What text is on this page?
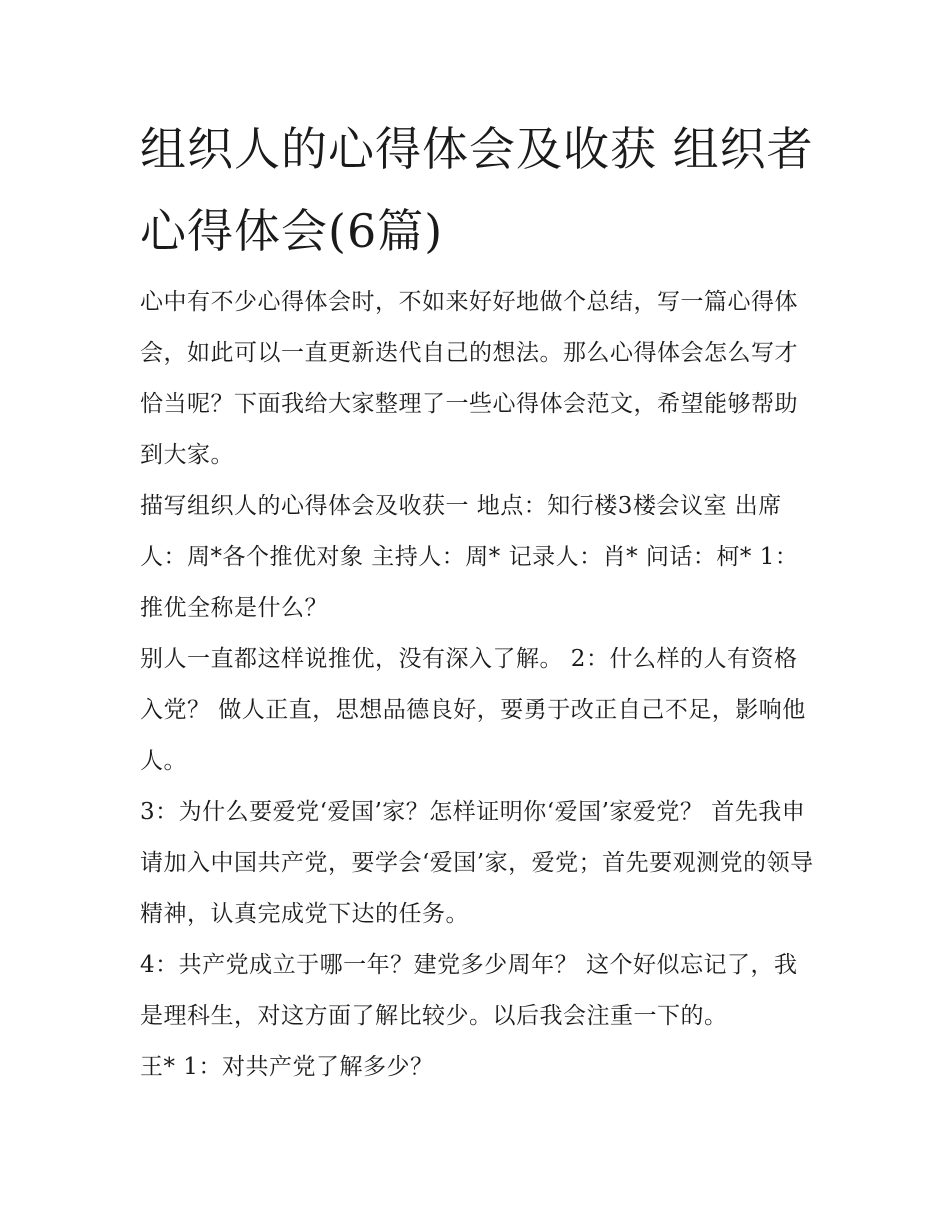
组织人的心得体会及收获 组织者心得体会(6篇)

心中有不少心得体会时，不如来好好地做个总结，写一篇心得体会，如此可以一直更新迭代自己的想法。那么心得体会怎么写才恰当呢？下面我给大家整理了一些心得体会范文，希望能够帮助到大家。

描写组织人的心得体会及收获一 地点：知行楼3楼会议室 出席人：周*各个推优对象 主持人：周* 记录人：肖* 问话：柯* 1：推优全称是什么？

别人一直都这样说推优，没有深入了解。 2：什么样的人有资格入党？ 做人正直，思想品德良好，要勇于改正自己不足，影响他人。

3：为什么要爱党‘爱国’家？怎样证明你‘爱国’家爱党？ 首先我申请加入中国共产党，要学会‘爱国’家，爱党；首先要观测党的领导精神，认真完成党下达的任务。

4：共产党成立于哪一年？建党多少周年？ 这个好似忘记了，我是理科生，对这方面了解比较少。以后我会注重一下的。

王* 1：对共产党了解多少？
